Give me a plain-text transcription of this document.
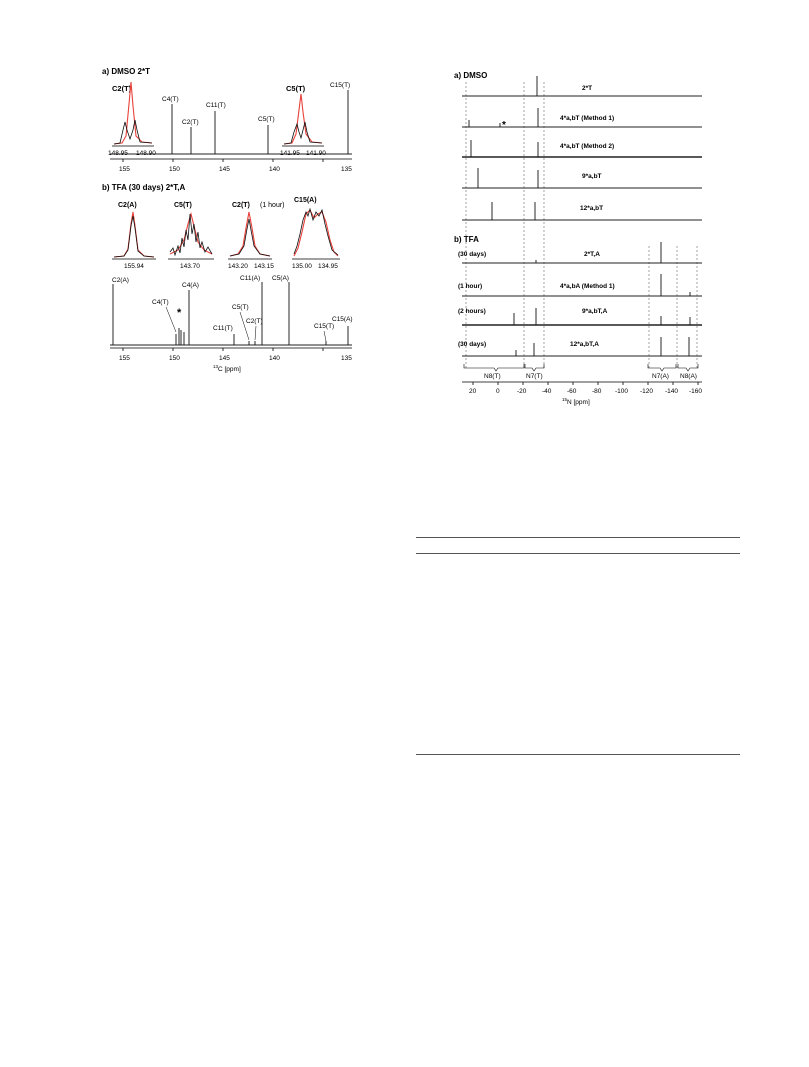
a) DMSO 2*T
C2(T)
148.95 148.90
C5(T)
141.95 141.90
C4(T)
C2(T)
C11(T)
C5(T)
C15(T)
155	150	145	140	135
b) TFA (30 days) 2*T,A
C2(A)
155.94
C5(T)
143.70
C2(T) (1 hour)
143.20 143.15
C15(A)
135.00 134.95
C2(A)
C4(T)
*
C4(A)
C11(T)
C5(T)
C11(A)
C2(T)
C5(A)
C15(T)
C15(A)
155	150	145	140	135
13 C [ppm]
a) DMSO
2*T
4*a,bT (Method 1)
*
4*a,bT (Method 2)
9*a,bT
12*a,bT
b) TFA
(30 days)	2*T,A
(1 hour)	4*a,bA (Method 1)
(2 hours)	9*a,bT,A
(30 days)	12*a,bT,A
N8(T)	N7(T)	N7(A) N8(A)
20	0	-20 -40 -60 -80 -100 -120 -140 -160
15 N [ppm]
